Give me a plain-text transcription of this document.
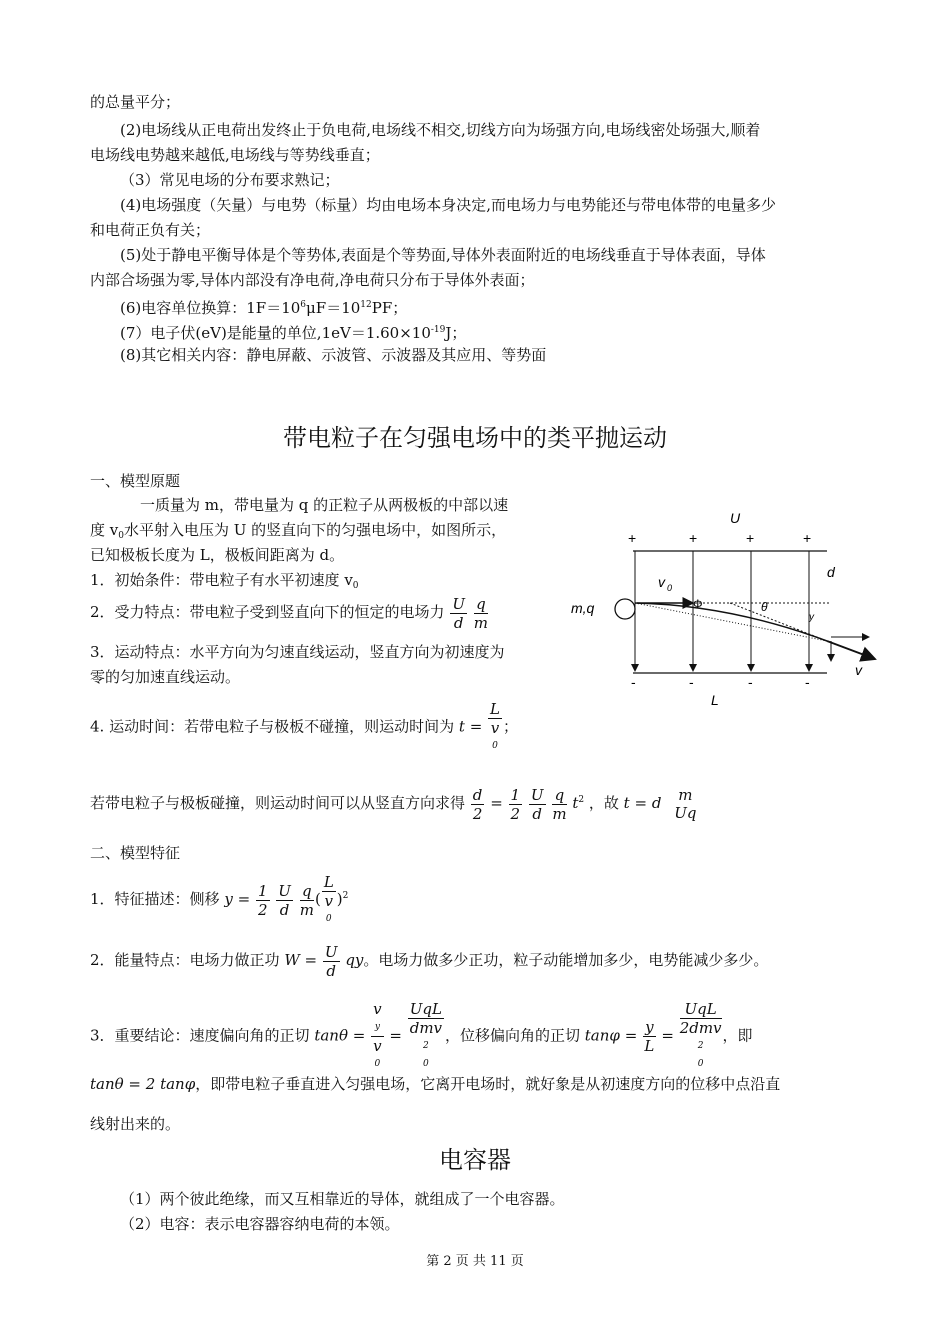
的总量平分；
(2)电场线从正电荷出发终止于负电荷,电场线不相交,切线方向为场强方向,电场线密处场强大,顺着
电场线电势越来越低,电场线与等势线垂直；
（3）常见电场的分布要求熟记；
(4)电场强度（矢量）与电势（标量）均由电场本身决定,而电场力与电势能还与带电体带的电量多少
和电荷正负有关；
(5)处于静电平衡导体是个等势体,表面是个等势面,导体外表面附近的电场线垂直于导体表面，导体
内部合场强为零,导体内部没有净电荷,净电荷只分布于导体外表面；
(6)电容单位换算：$1F=10^6\mu F=10^{12}PF$；
(7）电子伏(eV)是能量的单位$,1eV=1.60\times 10^{-19}J$；
(8)其它相关内容：静电屏蔽、示波管、示波器及其应用、等势面
带电粒子在匀强电场中的类平抛运动
一、模型原题
一质量为 m，带电量为 q 的正粒子从两极板的中部以速
度 $v_0$水平射入电压为 U 的竖直向下的匀强电场中，如图所示，
已知极板长度为 L，极板间距离为 d。
1．初始条件：带电粒子有水平初速度 $v_0$
2．受力特点：带电粒子受到竖直向下的恒定的电场力 $\frac{U}{d}$
$\frac{q}{m}$
3．运动特点：水平方向为匀速直线运动，竖直方向为初速度为
零的匀加速直线运动。
4. 运动时间：若带电粒子与极板不碰撞，则运动时间为 t = L
v
0 ；
若带电粒子与极板碰撞，则运动时间可以从竖直方向求得 $\frac{d}{2} = \frac{1}{2}$
$\frac{U}{d}$
$\frac{q}{m} t^2$ ，故 t = d m
Uq
二、模型特征
1．特征描述：侧移 $y = \frac{1}{2}$
$\frac{U}{d}$
$\frac{q}{m}$ ( L
v
0 )$^2$
2．能量特点：电场力做正功 $W = \frac{U}{d}$ qy。电场力做多少正功，粒子动能增加多少，电势能减少多少。
3．重要结论：速度偏向角的正切 tanθ = v
y
v
0 = UqL
dmv
2
0 ，位移偏向角的正切 $\tan\varphi = \frac{y}{L}$ = UqL
2dmv
2
0 ，即
tanθ = 2 tanφ，即带电粒子垂直进入匀强电场，它离开电场时，就好象是从初速度方向的位移中点沿直
线射出来的。
电容器
（1）两个彼此绝缘，而又互相靠近的导体，就组成了一个电容器。
（2）电容：表示电容器容纳电荷的本领。
U
+	+	+	+
-	-	-	-
d
m,q
v 0
v
Φ	θ
y
L
第 2 页 共 11 页
